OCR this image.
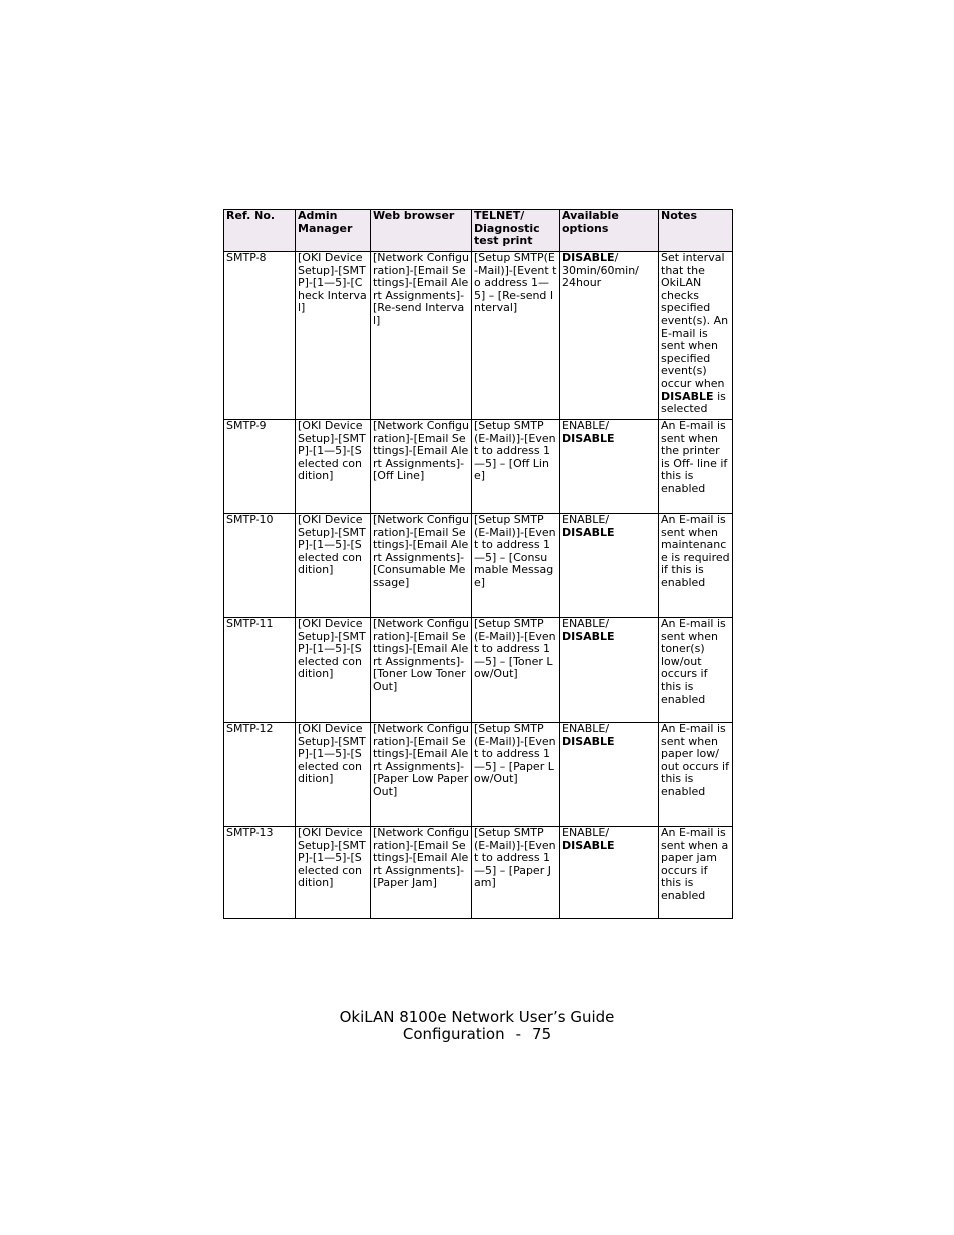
Ref. No.	Admin Manager	Web browser	TELNET/ Diagnostic test print	Available options	Notes
SMTP-8	[OKI Device Setup]-[SMTP]-[1—5]-[Check Interval]	[Network Configuration]-[Email Settings]-[Email Alert Assignments]-[Re-send Interval]	[Setup SMTP(E-Mail)]-[Event to address 1—5] – [Re-send Interval]	DISABLE/ 30min/60min/ 24hour	Set interval that the OkiLAN checks specified event(s). An E-mail is sent when specified event(s) occur when DISABLE is selected
SMTP-9	[OKI Device Setup]-[SMTP]-[1—5]-[Selected condition]	[Network Configuration]-[Email Settings]-[Email Alert Assignments]-[Off Line]	[Setup SMTP (E-Mail)]-[Event to address 1—5] – [Off Line]	ENABLE/ DISABLE	An E-mail is sent when the printer is Off- line if this is enabled
SMTP-10	[OKI Device Setup]-[SMTP]-[1—5]-[Selected condition]	[Network Configuration]-[Email Settings]-[Email Alert Assignments]-[Consumable Message]	[Setup SMTP (E-Mail)]-[Event to address 1—5] – [Consumable Message]	ENABLE/ DISABLE	An E-mail is sent when maintenance is required if this is enabled
SMTP-11	[OKI Device Setup]-[SMTP]-[1—5]-[Selected condition]	[Network Configuration]-[Email Settings]-[Email Alert Assignments]-[Toner Low Toner Out]	[Setup SMTP (E-Mail)]-[Event to address 1—5] – [Toner Low/Out]	ENABLE/ DISABLE	An E-mail is sent when toner(s) low/out occurs if this is enabled
SMTP-12	[OKI Device Setup]-[SMTP]-[1—5]-[Selected condition]	[Network Configuration]-[Email Settings]-[Email Alert Assignments]-[Paper Low Paper Out]	[Setup SMTP (E-Mail)]-[Event to address 1—5] – [Paper Low/Out]	ENABLE/ DISABLE	An E-mail is sent when paper low/ out occurs if this is enabled
SMTP-13	[OKI Device Setup]-[SMTP]-[1—5]-[Selected condition]	[Network Configuration]-[Email Settings]-[Email Alert Assignments]-[Paper Jam]	[Setup SMTP (E-Mail)]-[Event to address 1—5] – [Paper Jam]	ENABLE/ DISABLE	An E-mail is sent when a paper jam occurs if this is enabled
OkiLAN 8100e Network User’s Guide
Configuration - 75
